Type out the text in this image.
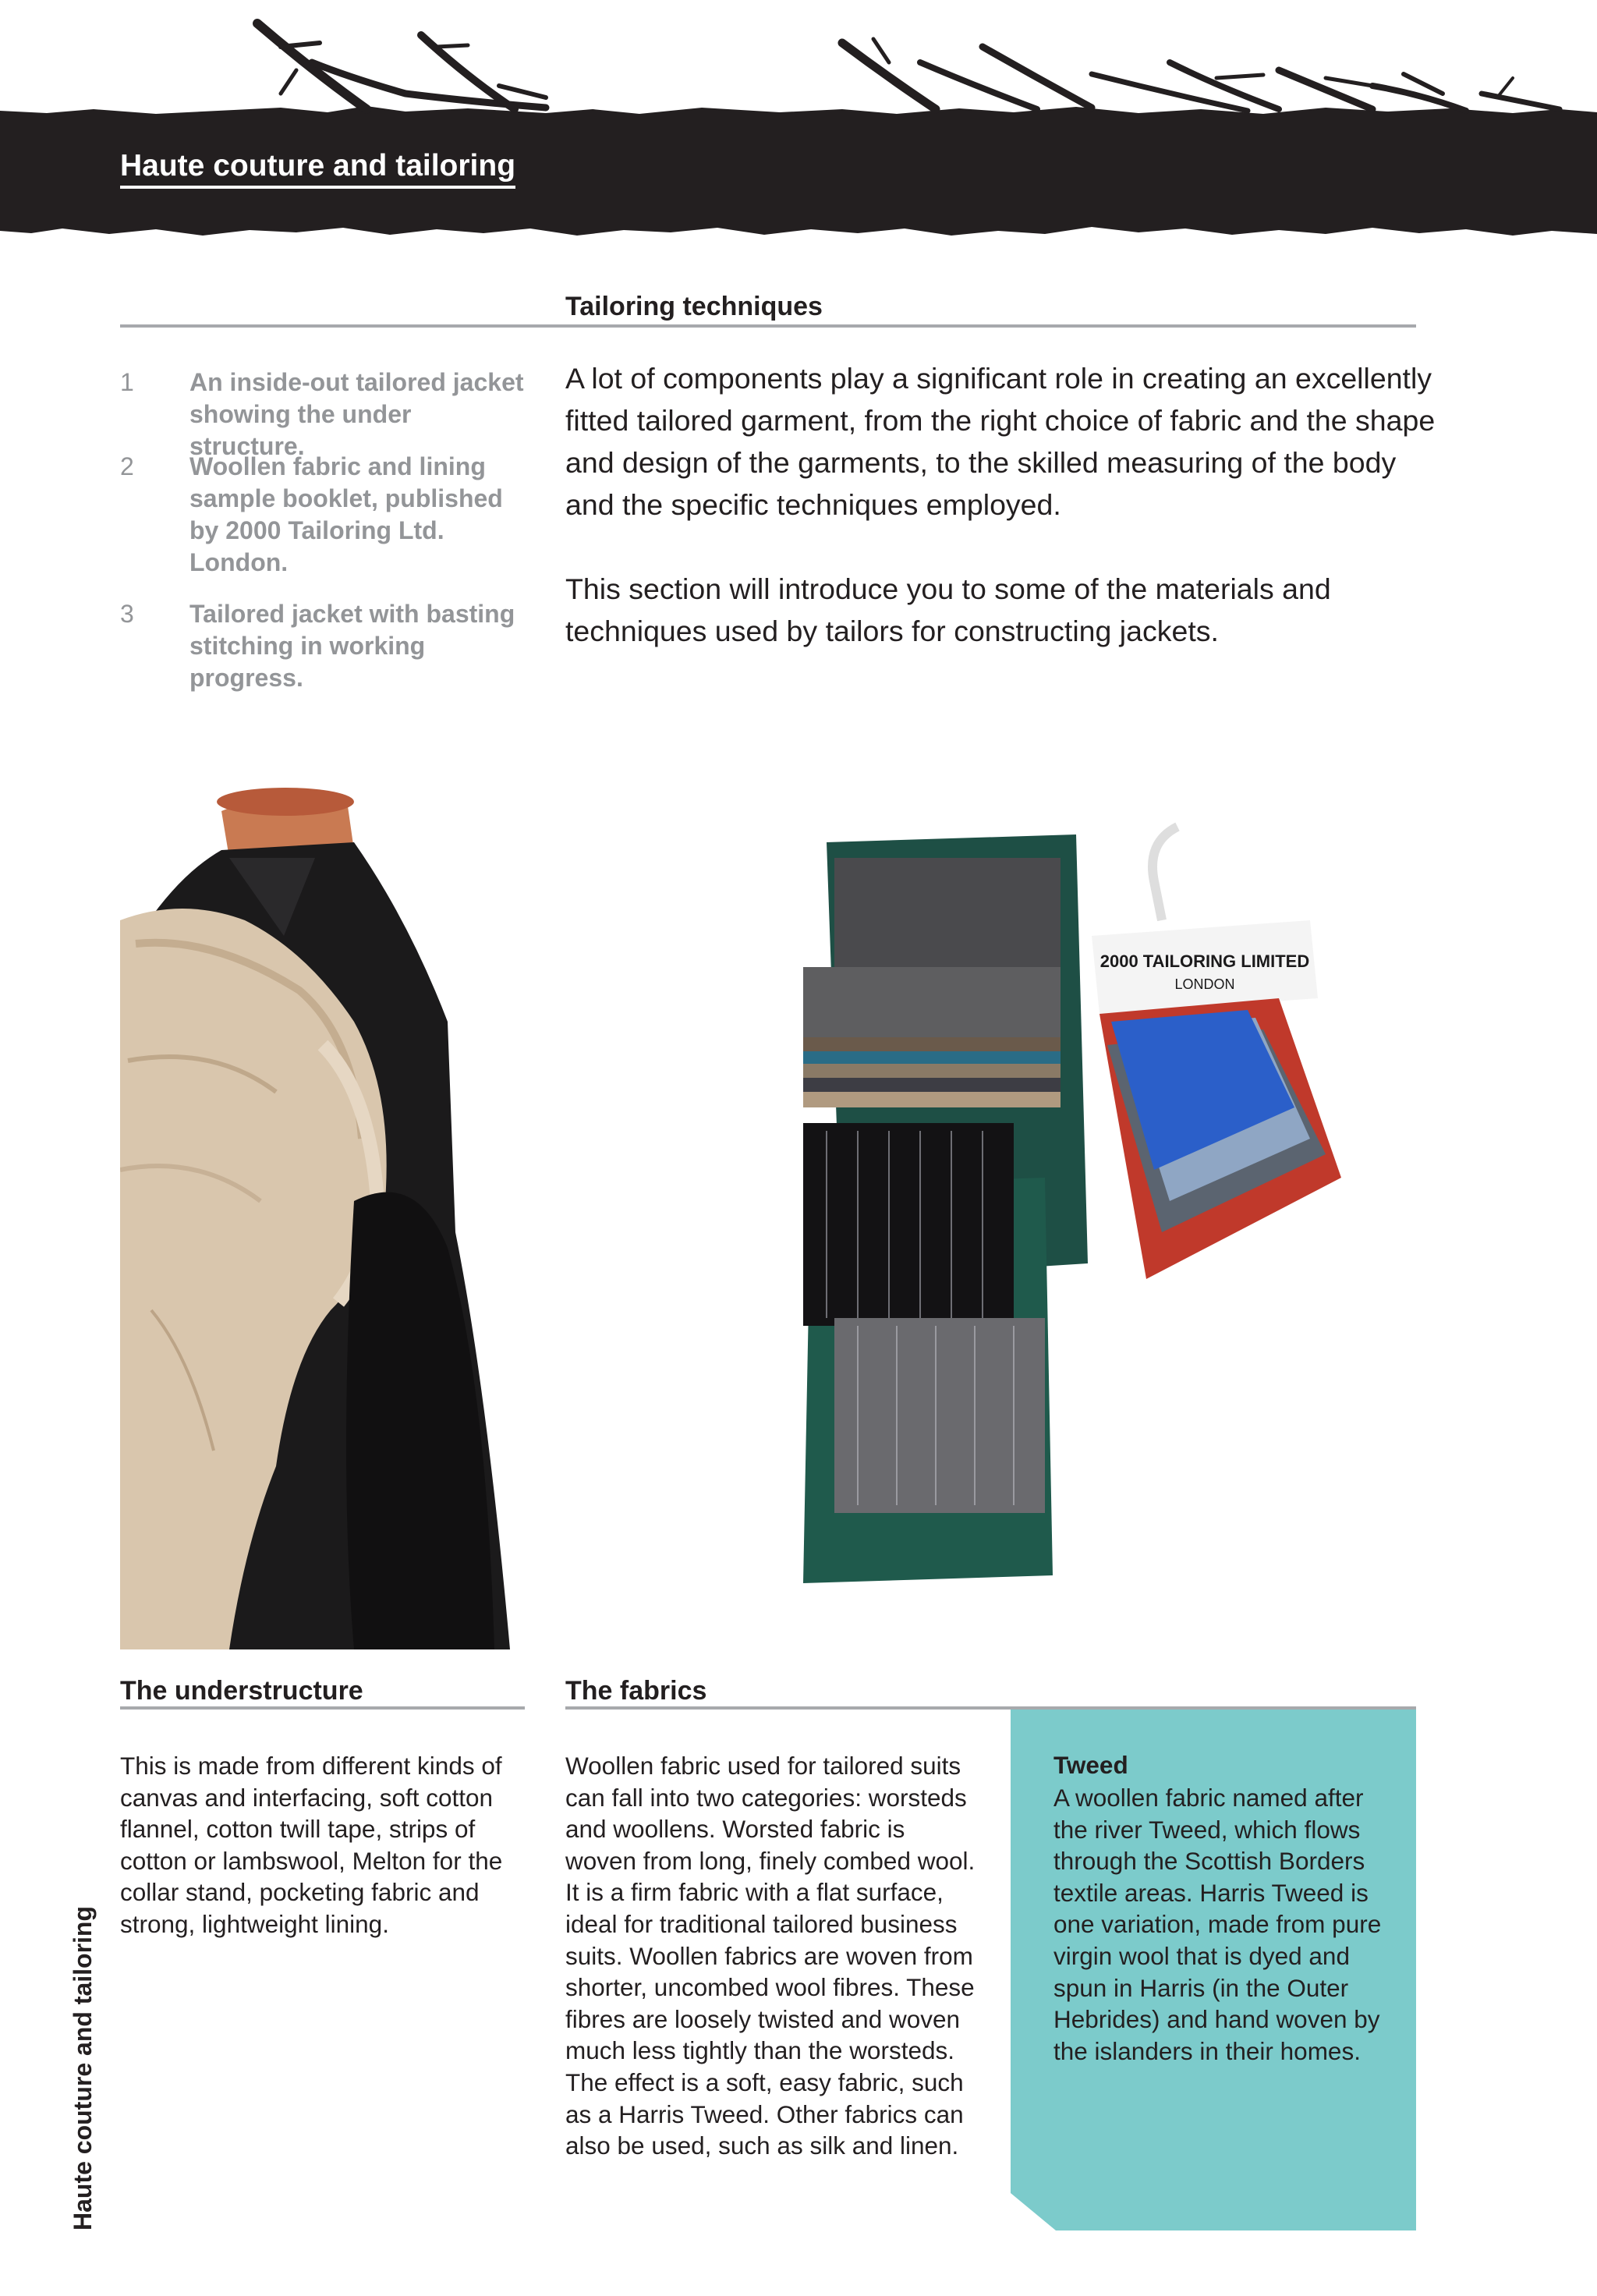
Haute couture and tailoring
Tailoring techniques
1 An inside-out tailored jacket showing the under structure.
2 Woollen fabric and lining sample booklet, published by 2000 Tailoring Ltd. London.
3 Tailored jacket with basting stitching in working progress.

A lot of components play a significant role in creating an excellently fitted tailored garment, from the right choice of fabric and the shape and design of the garments, to the skilled measuring of the body and the specific techniques employed.

This section will introduce you to some of the materials and techniques used by tailors for constructing jackets.

2000 TAILORING LIMITED
LONDON
The understructure
This is made from different kinds of canvas and interfacing, soft cotton flannel, cotton twill tape, strips of cotton or lambswool, Melton for the collar stand, pocketing fabric and strong, lightweight lining.
The fabrics
Woollen fabric used for tailored suits can fall into two categories: worsteds and woollens. Worsted fabric is woven from long, finely combed wool. It is a firm fabric with a flat surface, ideal for traditional tailored business suits. Woollen fabrics are woven from shorter, uncombed wool fibres. These fibres are loosely twisted and woven much less tightly than the worsteds. The effect is a soft, easy fabric, such as a Harris Tweed. Other fabrics can also be used, such as silk and linen.
Tweed
A woollen fabric named after the river Tweed, which flows through the Scottish Borders textile areas. Harris Tweed is one variation, made from pure virgin wool that is dyed and spun in Harris (in the Outer Hebrides) and hand woven by the islanders in their homes.
Haute couture and tailoring
